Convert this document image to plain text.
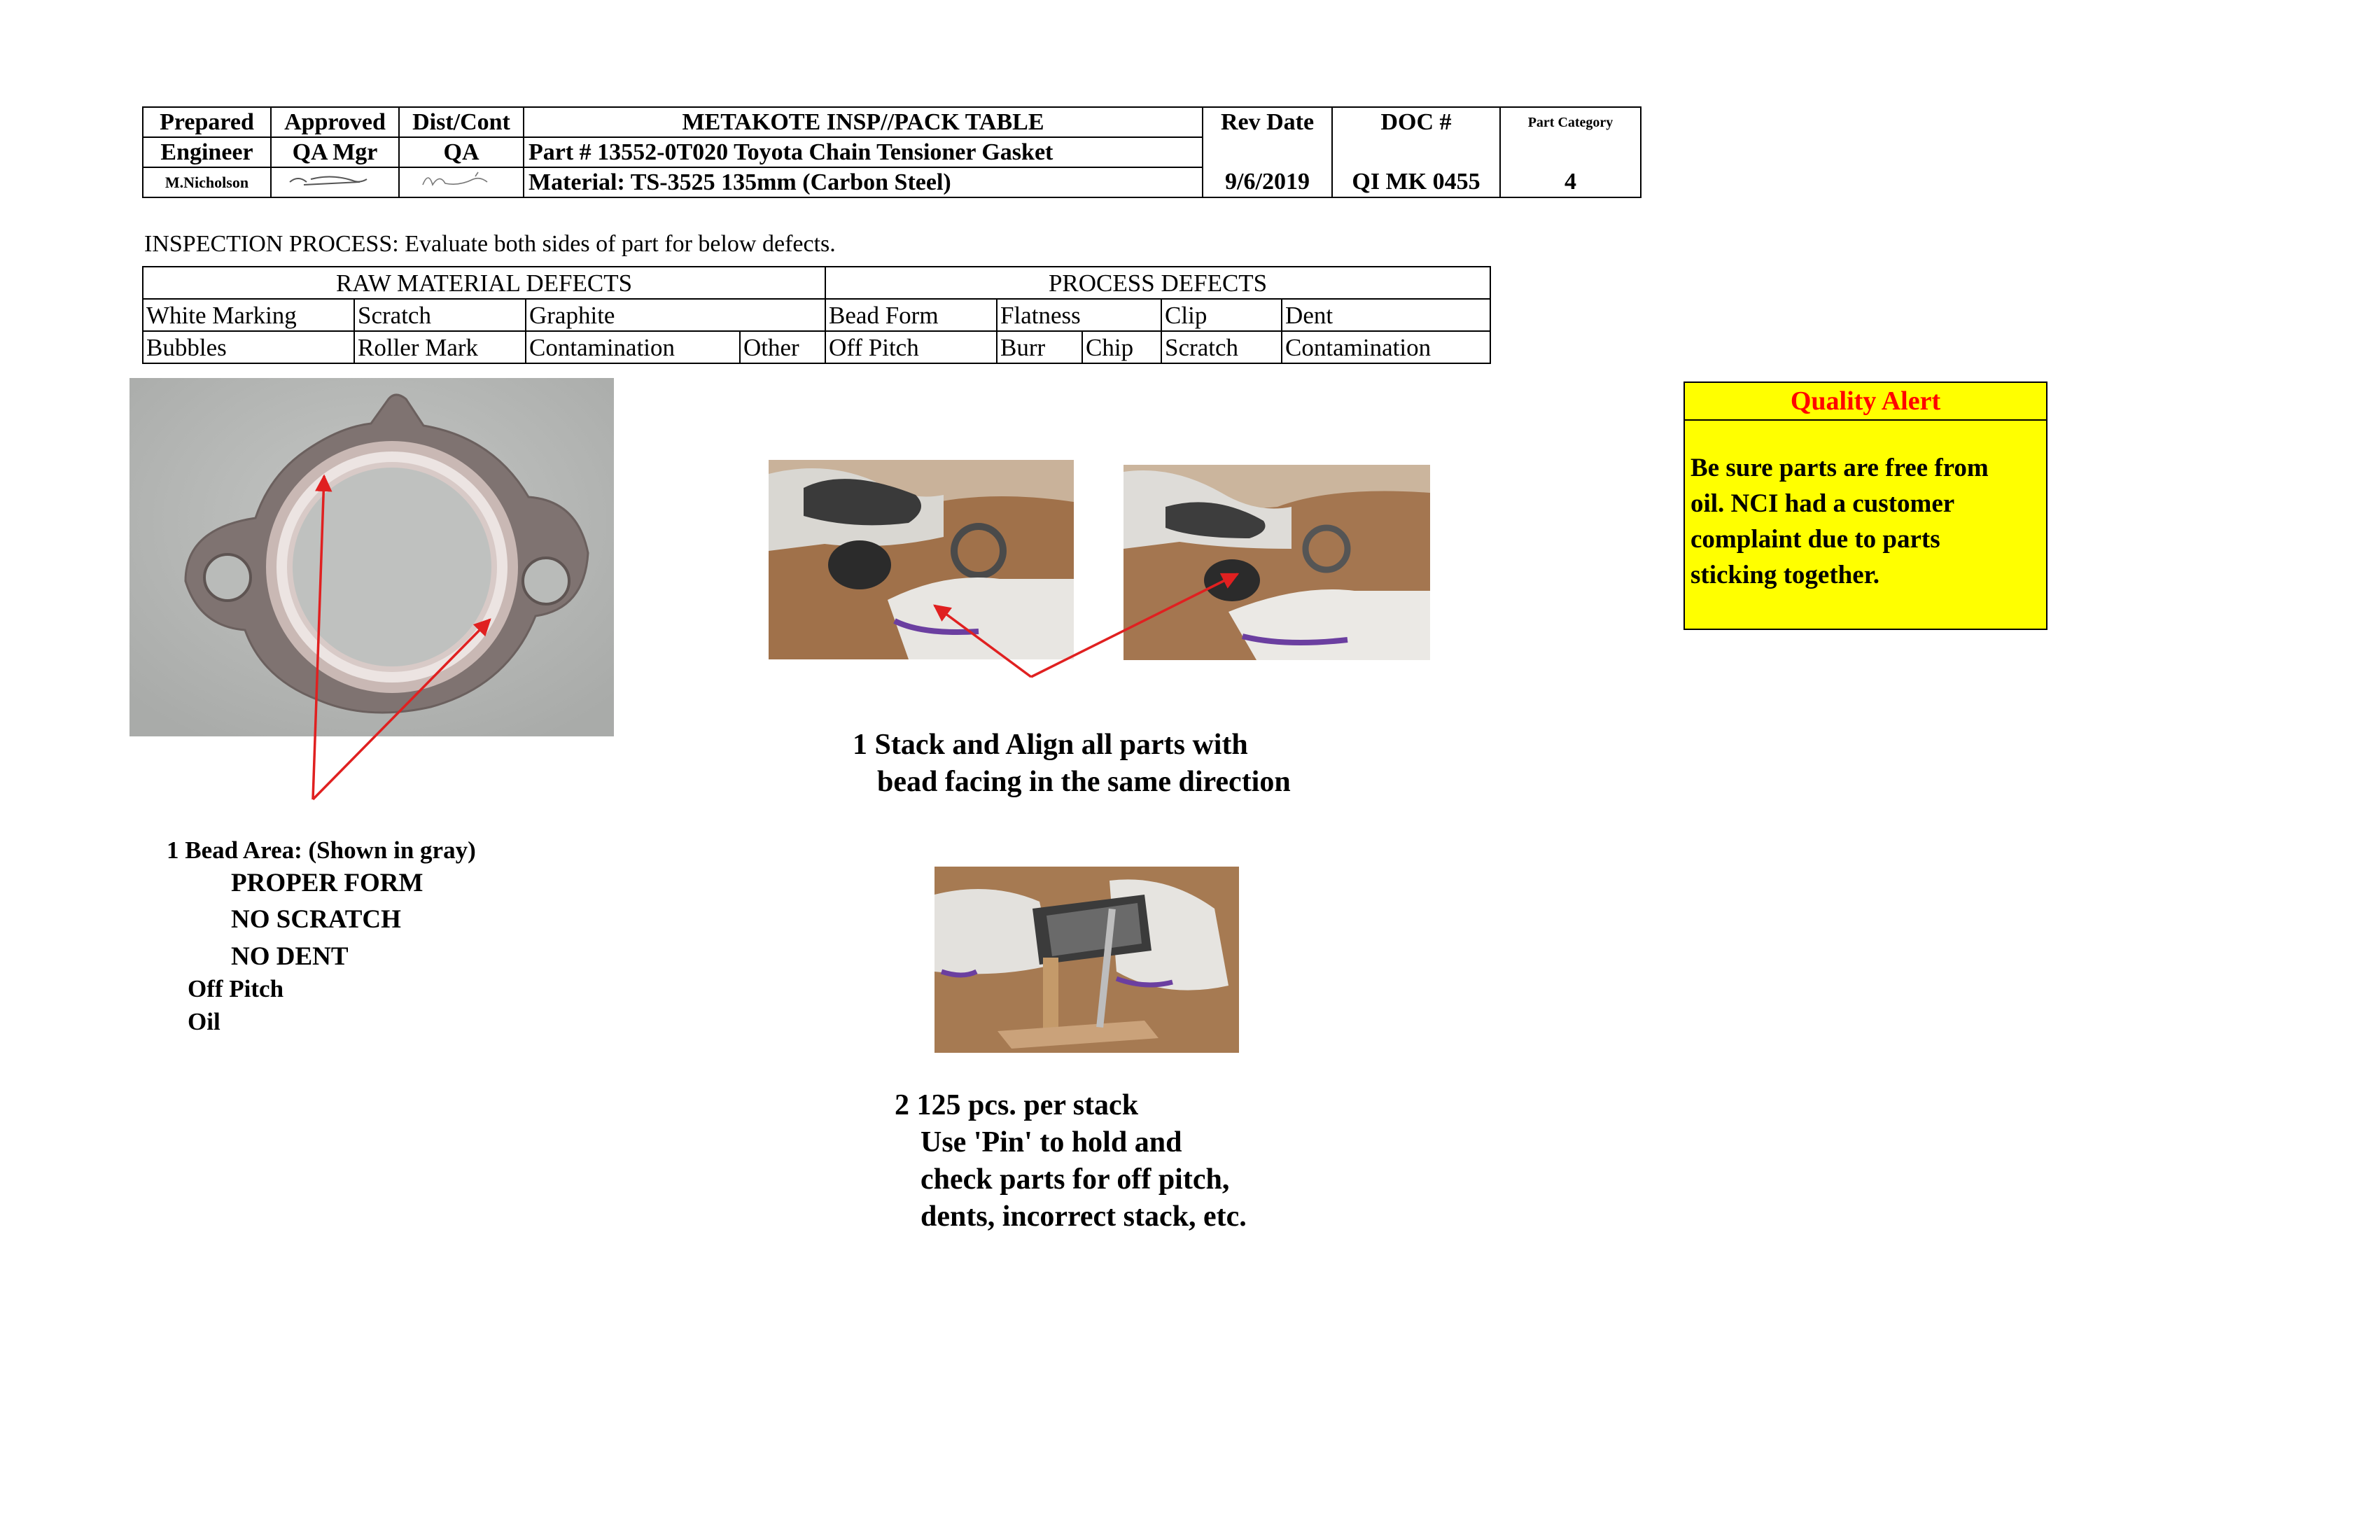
Prepared	Approved	Dist/Cont	METAKOTE INSP//PACK TABLE	Rev Date	DOC #	Part Category
Engineer	QA Mgr	QA	Part # 13552-0T020 Toyota Chain Tensioner Gasket			
M.Nicholson			Material: TS-3525 135mm (Carbon Steel)	9/6/2019	QI MK 0455	4
INSPECTION PROCESS: Evaluate both sides of part for below defects.
RAW MATERIAL DEFECTS				PROCESS DEFECTS				
White Marking	Scratch	Graphite		Bead Form	Flatness		Clip	Dent
Bubbles	Roller Mark	Contamination	Other	Off Pitch	Burr	Chip	Scratch	Contamination
1 Bead Area: (Shown in gray)
PROPER FORM
NO SCRATCH
NO DENT
Off Pitch
Oil
1 Stack and Align all parts with
bead facing in the same direction
2 125 pcs. per stack
Use 'Pin' to hold and
check parts for off pitch,
dents, incorrect stack, etc.
Quality Alert
Be sure parts are free from
oil. NCI had a customer
complaint due to parts
sticking together.
